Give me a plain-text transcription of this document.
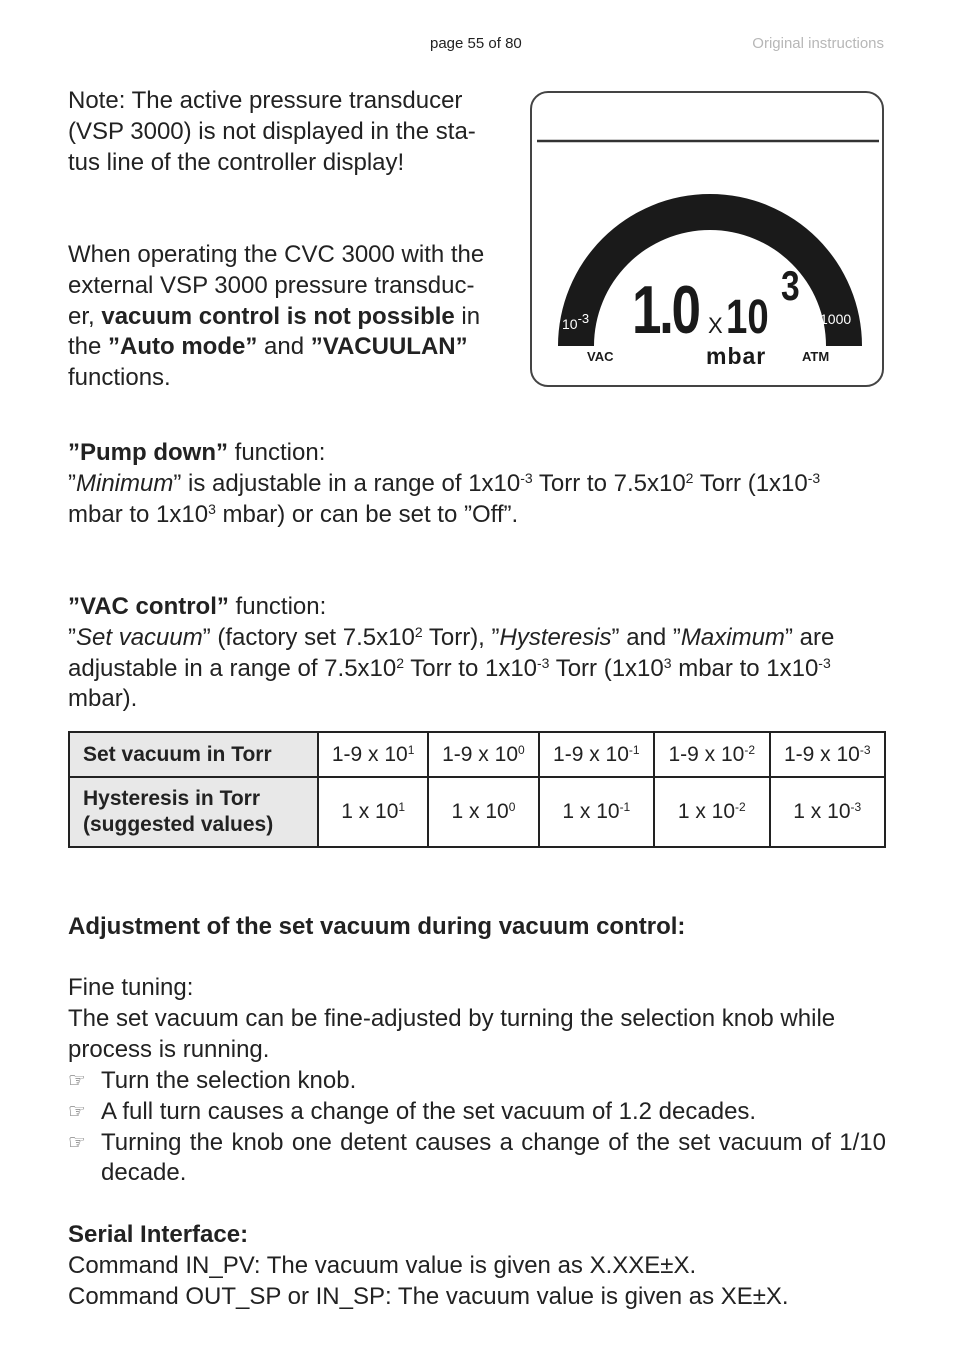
page 55 of 80	Original instructions
Note: The active pressure transducer
(VSP 3000) is not displayed in the sta-
tus line of the controller display!
When operating the CVC 3000 with the
external VSP 3000 pressure transduc-
er, vacuum control is not possible in
the ”Auto mode” and ”VACUULAN”
functions.
10-1	10
10-3	1000
1.0 X 10
3
mbar
VAC	ATM
”Pump down” function:
”Minimum” is adjustable in a range of $1x10^{-3}$ Torr to $7.5x10^2$ Torr ($1x10^{-3}$
mbar to $1x10^3$ mbar) or can be set to ”Off”.
”VAC control” function:
”Set vacuum” (factory set $7.5x10^2$ Torr), ”Hysteresis” and ”Maximum” are
adjustable in a range of $7.5x10^2$ Torr to $1x10^{-3}$ Torr ($1x10^3$ mbar to $1x10^{-3}$
mbar).
Set vacuum in Torr	1-9 x $10^1$	1-9 x $10^0$	1-9 x $10^{-1}$	1-9 x $10^{-2}$	1-9 x $10^{-3}$

Hysteresis in Torr
(suggested values)	1 x $10^1$	1 x $10^0$	1 x $10^{-1}$	1 x $10^{-2}$	1 x $10^{-3}$
Adjustment of the set vacuum during vacuum control:
Fine tuning:
The set vacuum can be fine-adjusted by turning the selection knob while
process is running.
☞ Turn the selection knob.
☞ A full turn causes a change of the set vacuum of 1.2 decades.
☞ Turning the knob one detent causes a change of the set vacuum of 1/10 decade.
Serial Interface:
Command IN_PV: The vacuum value is given as X.XXE±X.
Command OUT_SP or IN_SP: The vacuum value is given as XE±X.
